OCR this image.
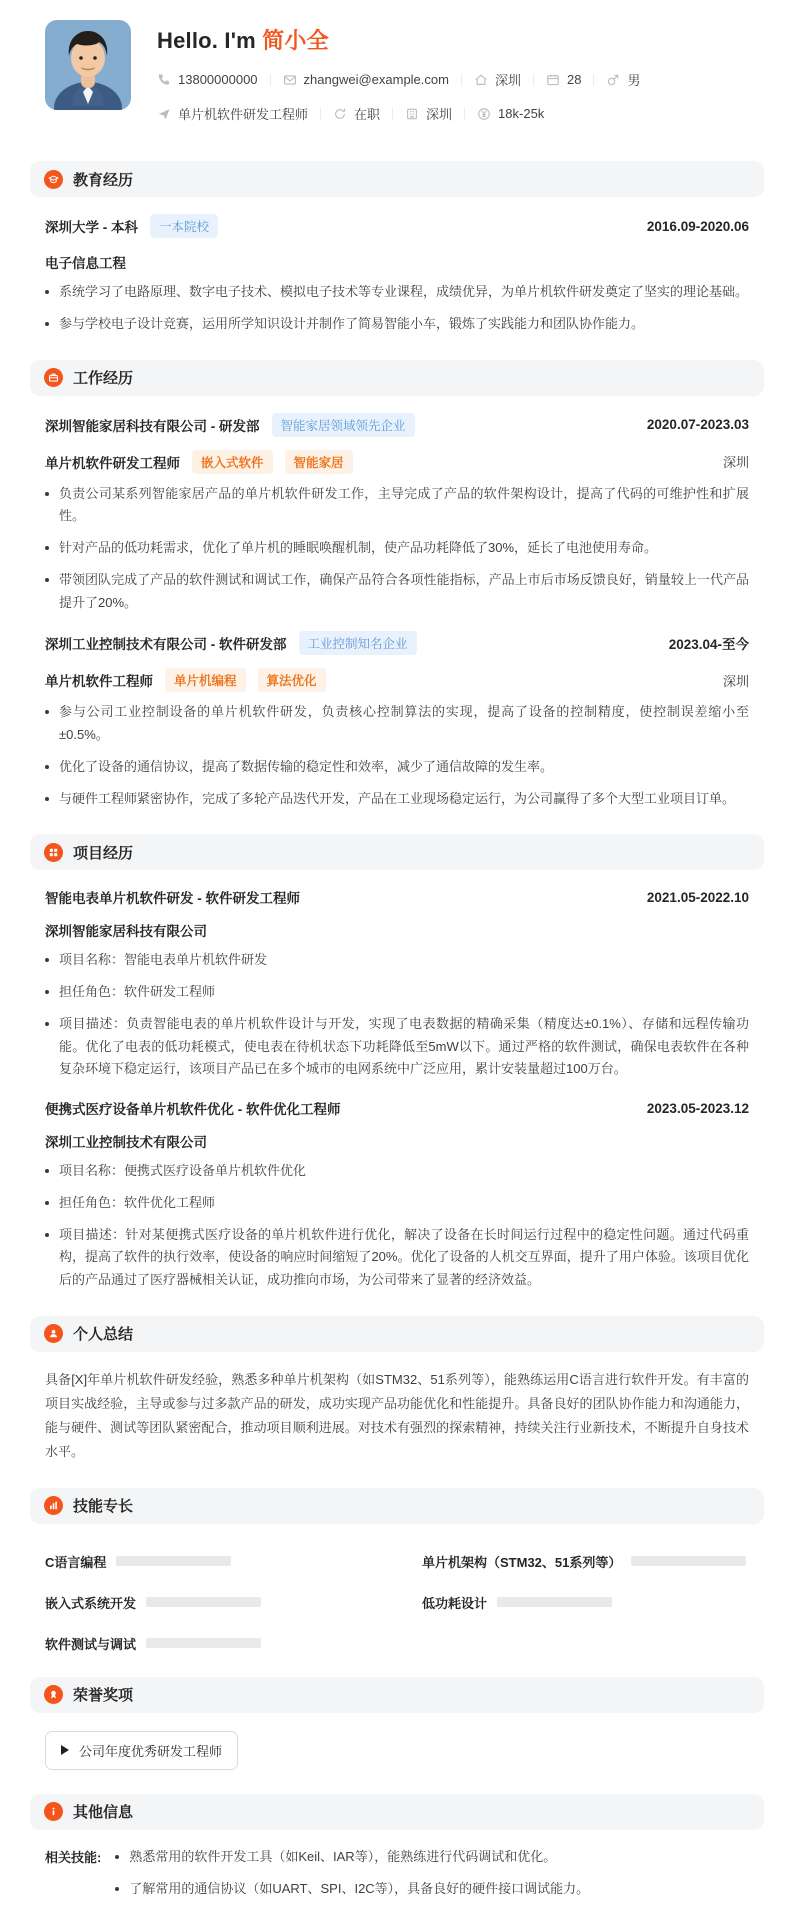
Hello. I'm 简小全
13800000000	zhangwei@example.com	深圳	28	男
单片机软件研发工程师	在职	深圳	18k-25k
教育经历
深圳大学 - 本科	一本院校	2016.09-2020.06
电子信息工程
系统学习了电路原理、数字电子技术、模拟电子技术等专业课程，成绩优异，为单片机软件研发奠定了坚实的理论基础。
参与学校电子设计竞赛，运用所学知识设计并制作了简易智能小车，锻炼了实践能力和团队协作能力。
工作经历
深圳智能家居科技有限公司 - 研发部	智能家居领域领先企业	2020.07-2023.03
单片机软件研发工程师	嵌入式软件	智能家居	深圳
负责公司某系列智能家居产品的单片机软件研发工作，主导完成了产品的软件架构设计，提高了代码的可维护性和扩展性。
针对产品的低功耗需求，优化了单片机的睡眠唤醒机制，使产品功耗降低了30%，延长了电池使用寿命。
带领团队完成了产品的软件测试和调试工作，确保产品符合各项性能指标，产品上市后市场反馈良好，销量较上一代产品提升了20%。
深圳工业控制技术有限公司 - 软件研发部	工业控制知名企业	2023.04-至今
单片机软件工程师	单片机编程	算法优化	深圳
参与公司工业控制设备的单片机软件研发，负责核心控制算法的实现，提高了设备的控制精度，使控制误差缩小至±0.5%。
优化了设备的通信协议，提高了数据传输的稳定性和效率，减少了通信故障的发生率。
与硬件工程师紧密协作，完成了多轮产品迭代开发，产品在工业现场稳定运行，为公司赢得了多个大型工业项目订单。
项目经历
智能电表单片机软件研发 - 软件研发工程师	2021.05-2022.10
深圳智能家居科技有限公司
项目名称：智能电表单片机软件研发
担任角色：软件研发工程师
项目描述：负责智能电表的单片机软件设计与开发，实现了电表数据的精确采集（精度达±0.1%）、存储和远程传输功能。优化了电表的低功耗模式，使电表在待机状态下功耗降低至5mW以下。通过严格的软件测试，确保电表软件在各种复杂环境下稳定运行，该项目产品已在多个城市的电网系统中广泛应用，累计安装量超过100万台。
便携式医疗设备单片机软件优化 - 软件优化工程师	2023.05-2023.12
深圳工业控制技术有限公司
项目名称：便携式医疗设备单片机软件优化
担任角色：软件优化工程师
项目描述：针对某便携式医疗设备的单片机软件进行优化，解决了设备在长时间运行过程中的稳定性问题。通过代码重构，提高了软件的执行效率，使设备的响应时间缩短了20%。优化了设备的人机交互界面，提升了用户体验。该项目优化后的产品通过了医疗器械相关认证，成功推向市场，为公司带来了显著的经济效益。
个人总结

具备[X]年单片机软件研发经验，熟悉多种单片机架构（如STM32、51系列等），能熟练运用C语言进行软件开发。有丰富的项目实战经验，主导或参与过多款产品的研发，成功实现产品功能优化和性能提升。具备良好的团队协作能力和沟通能力，能与硬件、测试等团队紧密配合，推动项目顺利进展。对技术有强烈的探索精神，持续关注行业新技术，不断提升自身技术水平。

技能专长
C语言编程	单片机架构（STM32、51系列等）
嵌入式系统开发	低功耗设计
软件测试与调试
荣誉奖项
公司年度优秀研发工程师
其他信息
相关技能: 熟悉常用的软件开发工具（如Keil、IAR等），能熟练进行代码调试和优化。
了解常用的通信协议（如UART、SPI、I2C等），具备良好的硬件接口调试能力。
